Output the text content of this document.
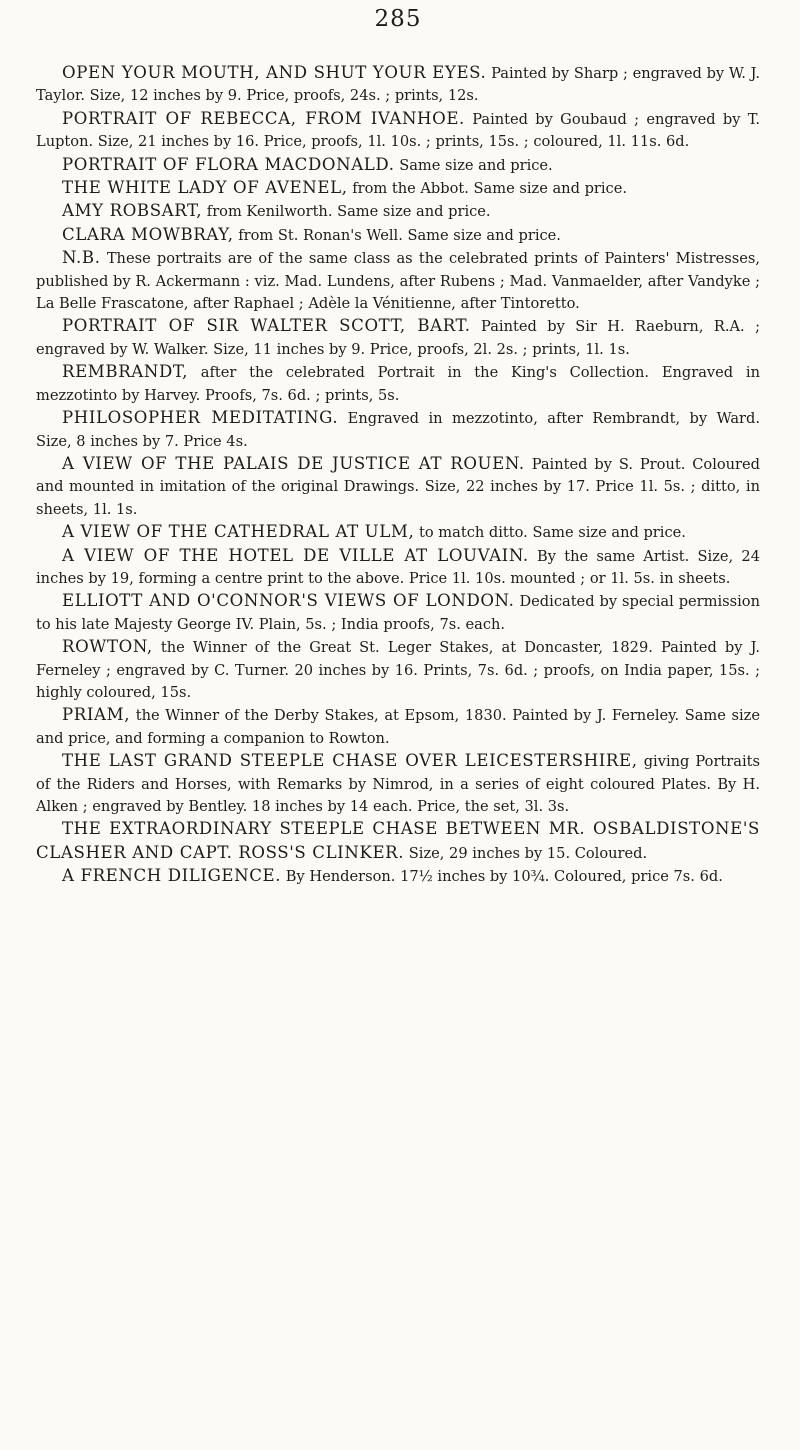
285

OPEN YOUR MOUTH, AND SHUT YOUR EYES. Painted by Sharp ; engraved by W. J. Taylor. Size, 12 inches by 9. Price, proofs, 24s. ; prints, 12s.

PORTRAIT OF REBECCA, FROM IVANHOE. Painted by Goubaud ; engraved by T. Lupton. Size, 21 inches by 16. Price, proofs, 1l. 10s. ; prints, 15s. ; coloured, 1l. 11s. 6d.

PORTRAIT OF FLORA MACDONALD. Same size and price.

THE WHITE LADY OF AVENEL, from the Abbot. Same size and price.

AMY ROBSART, from Kenilworth. Same size and price.

CLARA MOWBRAY, from St. Ronan's Well. Same size and price.

N.B. These portraits are of the same class as the celebrated prints of Painters' Mistresses, published by R. Ackermann : viz. Mad. Lundens, after Rubens ; Mad. Vanmaelder, after Vandyke ; La Belle Frascatone, after Raphael ; Adèle la Vénitienne, after Tintoretto.

PORTRAIT OF SIR WALTER SCOTT, BART. Painted by Sir H. Raeburn, R.A. ; engraved by W. Walker. Size, 11 inches by 9. Price, proofs, 2l. 2s. ; prints, 1l. 1s.

REMBRANDT, after the celebrated Portrait in the King's Collection. Engraved in mezzotinto by Harvey. Proofs, 7s. 6d. ; prints, 5s.

PHILOSOPHER MEDITATING. Engraved in mezzotinto, after Rembrandt, by Ward. Size, 8 inches by 7. Price 4s.

A VIEW OF THE PALAIS DE JUSTICE AT ROUEN. Painted by S. Prout. Coloured and mounted in imitation of the original Drawings. Size, 22 inches by 17. Price 1l. 5s. ; ditto, in sheets, 1l. 1s.

A VIEW OF THE CATHEDRAL AT ULM, to match ditto. Same size and price.

A VIEW OF THE HOTEL DE VILLE AT LOUVAIN. By the same Artist. Size, 24 inches by 19, forming a centre print to the above. Price 1l. 10s. mounted ; or 1l. 5s. in sheets.

ELLIOTT AND O'CONNOR'S VIEWS OF LONDON. Dedicated by special permission to his late Majesty George IV. Plain, 5s. ; India proofs, 7s. each.

ROWTON, the Winner of the Great St. Leger Stakes, at Doncaster, 1829. Painted by J. Ferneley ; engraved by C. Turner. 20 inches by 16. Prints, 7s. 6d. ; proofs, on India paper, 15s. ; highly coloured, 15s.

PRIAM, the Winner of the Derby Stakes, at Epsom, 1830. Painted by J. Ferneley. Same size and price, and forming a companion to Rowton.

THE LAST GRAND STEEPLE CHASE OVER LEICESTERSHIRE, giving Portraits of the Riders and Horses, with Remarks by Nimrod, in a series of eight coloured Plates. By H. Alken ; engraved by Bentley. 18 inches by 14 each. Price, the set, 3l. 3s.

THE EXTRAORDINARY STEEPLE CHASE BETWEEN MR. OSBALDISTONE'S CLASHER AND CAPT. ROSS'S CLINKER. Size, 29 inches by 15. Coloured.

A FRENCH DILIGENCE. By Henderson. 17½ inches by 10¾. Coloured, price 7s. 6d.
